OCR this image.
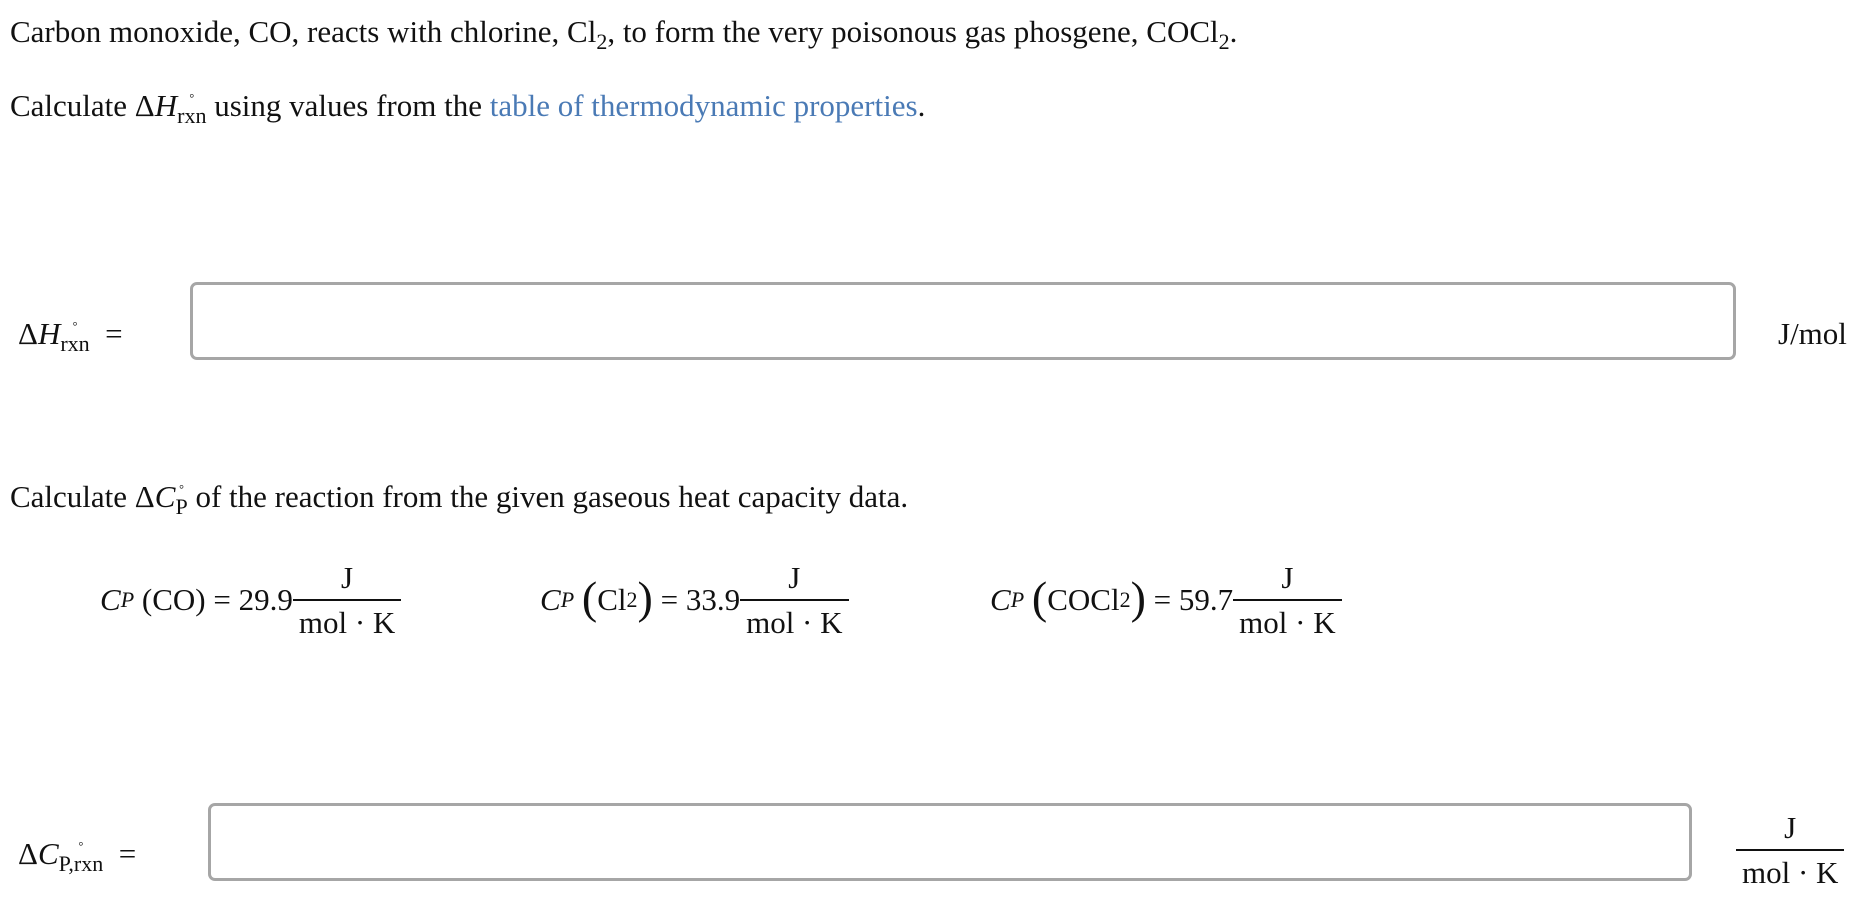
Carbon monoxide, CO, reacts with chlorine, $Cl_2$, to form the very poisonous gas phosgene, COCl$_2$.
Calculate ΔH $_{^\circ rxn}$ using values from the table of thermodynamic properties.
ΔH $_{^\circ rxn}$ =	J/mol
Calculate ΔC $_{^\circ P}$ of the reaction from the given gaseous heat capacity data.
C P
(CO)
=
$29.9 \frac{J}{\text{mol · K}}$	C P
( Cl 2 )
=
$33.9 \frac{J}{\text{mol · K}}$	C P
( COCl 2 )
=
$59.7 \frac{J}{\text{mol · K}}$
ΔC $_{^\circ P,rxn}$ =	$\frac{J}{\text{mol · K}}$
